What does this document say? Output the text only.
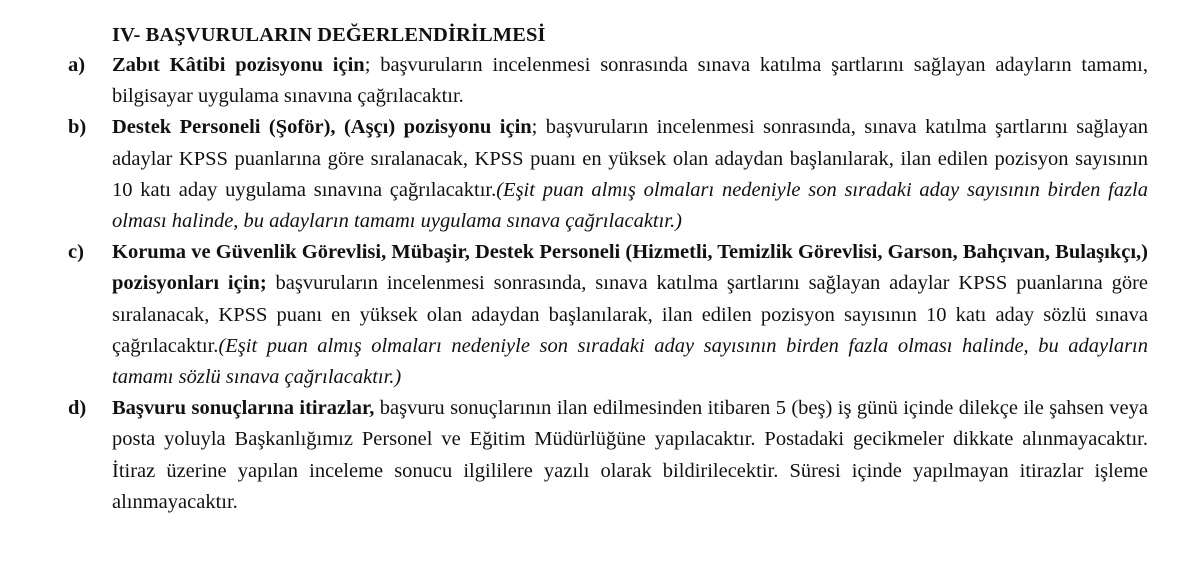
IV- BAŞVURULARIN DEĞERLENDİRİLMESİ
a)	Zabıt Kâtibi pozisyonu için; başvuruların incelenmesi sonrasında sınava katılma şartlarını sağlayan adayların tamamı, bilgisayar uygulama sınavına çağrılacaktır.
b)	Destek Personeli (Şoför), (Aşçı) pozisyonu için; başvuruların incelenmesi sonrasında, sınava katılma şartlarını sağlayan adaylar KPSS puanlarına göre sıralanacak, KPSS puanı en yüksek olan adaydan başlanılarak, ilan edilen pozisyon sayısının 10 katı aday uygulama sınavına çağrılacaktır.(Eşit puan almış olmaları nedeniyle son sıradaki aday sayısının birden fazla olması halinde, bu adayların tamamı uygulama sınava çağrılacaktır.)
c)	Koruma ve Güvenlik Görevlisi, Mübaşir, Destek Personeli (Hizmetli, Temizlik Görevlisi, Garson, Bahçıvan, Bulaşıkçı,) pozisyonları için; başvuruların incelenmesi sonrasında, sınava katılma şartlarını sağlayan adaylar KPSS puanlarına göre sıralanacak, KPSS puanı en yüksek olan adaydan başlanılarak, ilan edilen pozisyon sayısının 10 katı aday sözlü sınava çağrılacaktır.(Eşit puan almış olmaları nedeniyle son sıradaki aday sayısının birden fazla olması halinde, bu adayların tamamı sözlü sınava çağrılacaktır.)
d)	Başvuru sonuçlarına itirazlar, başvuru sonuçlarının ilan edilmesinden itibaren 5 (beş) iş günü içinde dilekçe ile şahsen veya posta yoluyla Başkanlığımız Personel ve Eğitim Müdürlüğüne yapılacaktır. Postadaki gecikmeler dikkate alınmayacaktır. İtiraz üzerine yapılan inceleme sonucu ilgililere yazılı olarak bildirilecektir. Süresi içinde yapılmayan itirazlar işleme alınmayacaktır.
